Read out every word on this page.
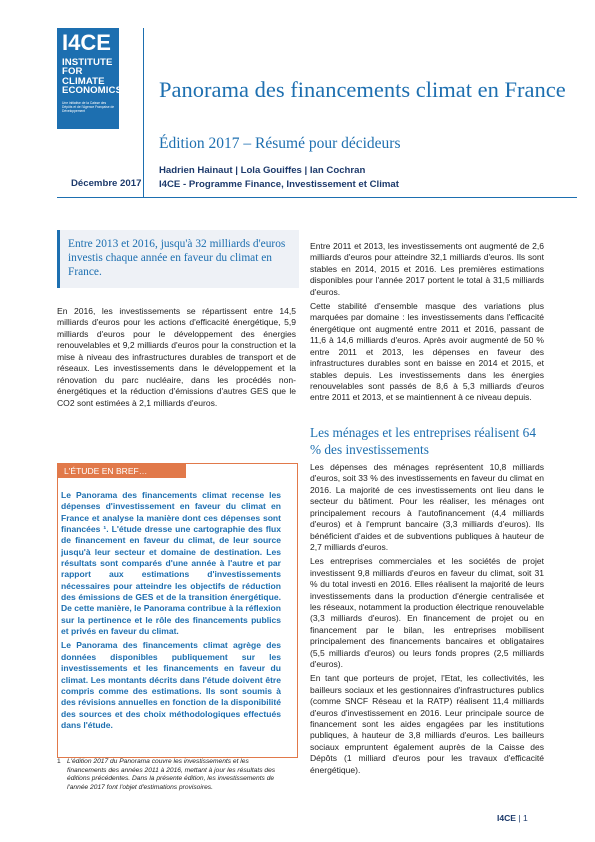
I4CE
INSTITUTE FOR
CLIMATE
ECONOMICS
Une initiative de la Caisse des Dépôts et de l'Agence Française de Développement
Panorama des financements climat en France
Édition 2017 – Résumé pour décideurs
Décembre 2017
Hadrien Hainaut | Lola Gouiffes | Ian Cochran
I4CE - Programme Finance, Investissement et Climat

Entre 2013 et 2016, jusqu'à 32 milliards d'euros investis chaque année en faveur du climat en France.

En 2016, les investissements se répartissent entre 14,5 milliards d'euros pour les actions d'efficacité énergétique, 5,9 milliards d'euros pour le développement des énergies renouvelables et 9,2 milliards d'euros pour la construction et la mise à niveau des infrastructures durables de transport et de réseaux. Les investissements dans le développement et la rénovation du parc nucléaire, dans les procédés non-énergétiques et la réduction d'émissions d'autres GES que le CO2 sont estimées à 2,1 milliards d'euros.

L'ÉTUDE EN BREF…

Le Panorama des financements climat recense les dépenses d'investissement en faveur du climat en France et analyse la manière dont ces dépenses sont financées ¹. L'étude dresse une cartographie des flux de financement en faveur du climat, de leur source jusqu'à leur secteur et domaine de destination. Les résultats sont comparés d'une année à l'autre et par rapport aux estimations d'investissements nécessaires pour atteindre les objectifs de réduction des émissions de GES et de la transition énergétique. De cette manière, le Panorama contribue à la réflexion sur la pertinence et le rôle des financements publics et privés en faveur du climat.

Le Panorama des financements climat agrège des données disponibles publiquement sur les investissements et les financements en faveur du climat. Les montants décrits dans l'étude doivent être compris comme des estimations. Ils sont soumis à des révisions annuelles en fonction de la disponibilité des sources et des choix méthodologiques effectués dans l'étude.

1 L'édition 2017 du Panorama couvre les investissements et les financements des années 2011 à 2016, mettant à jour les résultats des éditions précédentes. Dans la présente édition, les investissements de l'année 2017 font l'objet d'estimations provisoires.

Entre 2011 et 2013, les investissements ont augmenté de 2,6 milliards d'euros pour atteindre 32,1 milliards d'euros. Ils sont stables en 2014, 2015 et 2016. Les premières estimations disponibles pour l'année 2017 portent le total à 31,5 milliards d'euros.

Cette stabilité d'ensemble masque des variations plus marquées par domaine : les investissements dans l'efficacité énergétique ont augmenté entre 2011 et 2016, passant de 11,6 à 14,6 milliards d'euros. Après avoir augmenté de 50 % entre 2011 et 2013, les dépenses en faveur des infrastructures durables sont en baisse en 2014 et 2015, et stables depuis. Les investissements dans les énergies renouvelables sont passés de 8,6 à 5,3 milliards d'euros entre 2011 et 2013, et se maintiennent à ce niveau depuis.

Les ménages et les entreprises réalisent 64 % des investissements

Les dépenses des ménages représentent 10,8 milliards d'euros, soit 33 % des investissements en faveur du climat en 2016. La majorité de ces investissements ont lieu dans le secteur du bâtiment. Pour les réaliser, les ménages ont principalement recours à l'autofinancement (4,4 milliards d'euros) et à l'emprunt bancaire (3,3 milliards d'euros). Ils bénéficient d'aides et de subventions publiques à hauteur de 2,7 milliards d'euros.

Les entreprises commerciales et les sociétés de projet investissent 9,8 milliards d'euros en faveur du climat, soit 31 % du total investi en 2016. Elles réalisent la majorité de leurs investissements dans la production d'énergie centralisée et les réseaux, notamment la production électrique renouvelable (3,3 milliards d'euros). En financement de projet ou en financement par le bilan, les entreprises mobilisent principalement des financements bancaires et obligataires (5,5 milliards d'euros) ou leurs fonds propres (2,5 milliards d'euros).

En tant que porteurs de projet, l'Etat, les collectivités, les bailleurs sociaux et les gestionnaires d'infrastructures publics (comme SNCF Réseau et la RATP) réalisent 11,4 milliards d'euros d'investissement en 2016. Leur principale source de financement sont les aides engagées par les institutions publiques, à hauteur de 3,8 milliards d'euros. Les bailleurs sociaux empruntent également auprès de la Caisse des Dépôts (1 milliard d'euros pour les travaux d'efficacité énergétique).

I4CE | 1
